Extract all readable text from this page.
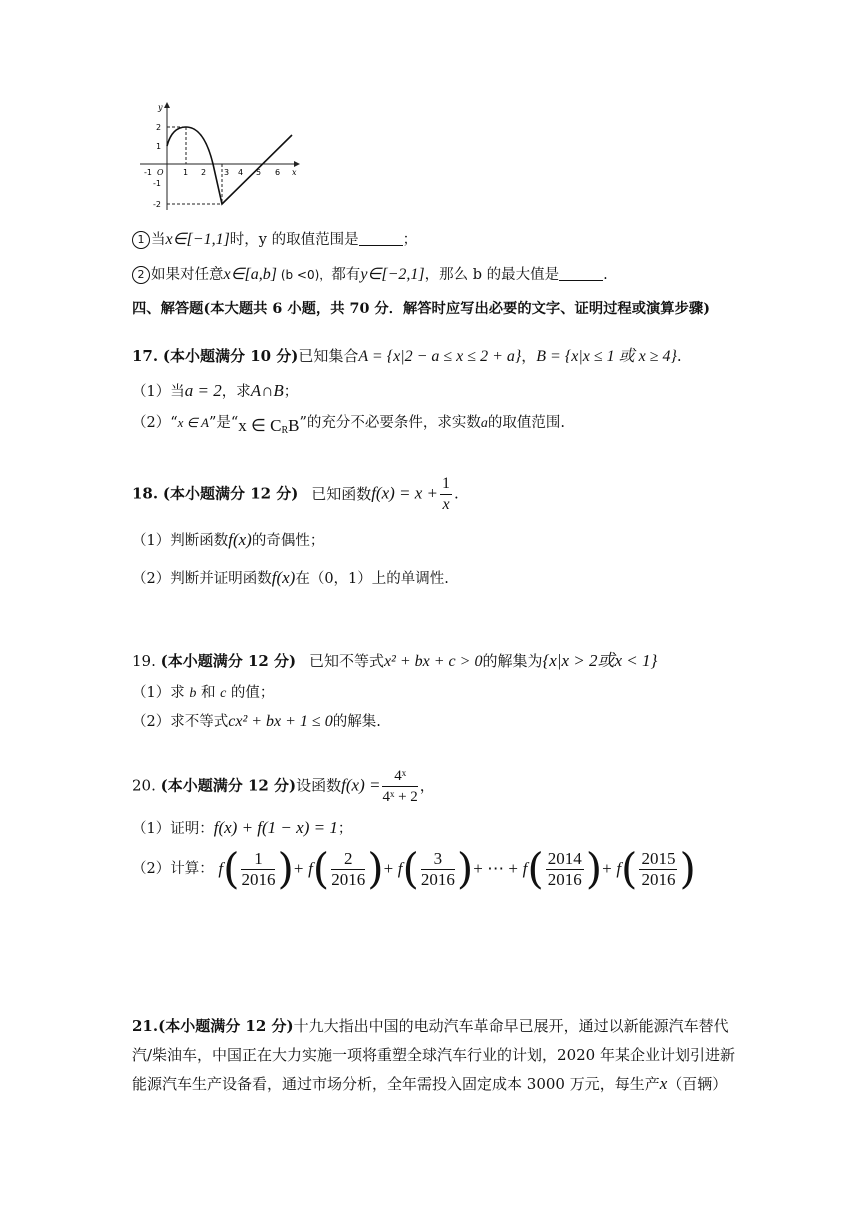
2
1
-1
-2
-1 O 1 2 3 4 5 6 x
y
1 当x∈[−1,1]时，y 的取值范围是	；
2 如果对任意x∈[a,b] (b <0)，都有y∈[−2,1]，那么 b 的最大值是	.
四、解答题(本大题共 6 小题，共 70 分．解答时应写出必要的文字、证明过程或演算步骤)
17. (本小题满分 10 分)已知集合A = {x|2 − a ≤ x ≤ 2 + a}，B = {x|x ≤ 1 或 x ≥ 4}.
（1）当a = 2，求A∩B；
（2）“x ∈ A”是“x ∈ $C_RB$”的充分不必要条件，求实数a的取值范围.
18. (本小题满分 12 分) 已知函数$f(x) = x + \frac{1}{x}$ .
（1）判断函数f(x)的奇偶性；
（2）判断并证明函数f(x)在（0，1）上的单调性.
19. (本小题满分 12 分) 已知不等式x² + bx + c > 0的解集为{x|x > 2或x < 1}
（1）求 b 和 c 的值；
（2）求不等式cx² + bx + 1 ≤ 0的解集.
20. (本小题满分 12 分)设函数$f(x) = \frac{\text{4ˣ}}{\text{4ˣ + 2}}$ ，
（1）证明：f(x) + f(1 − x) = 1；
（2）计算： $f( \frac{1}{2016}$ )+ $f( \frac{2}{2016}$ )+ $f( \frac{3}{2016}$ )+ ⋯ + $f( \frac{2014}{2016}$ )+ $f( \frac{2015}{2016}$ )
21.(本小题满分 12 分)十九大指出中国的电动汽车革命早已展开，通过以新能源汽车替代
汽/柴油车，中国正在大力实施一项将重塑全球汽车行业的计划，2020 年某企业计划引进新
能源汽车生产设备看，通过市场分析，全年需投入固定成本 3000 万元，每生产x（百辆）
